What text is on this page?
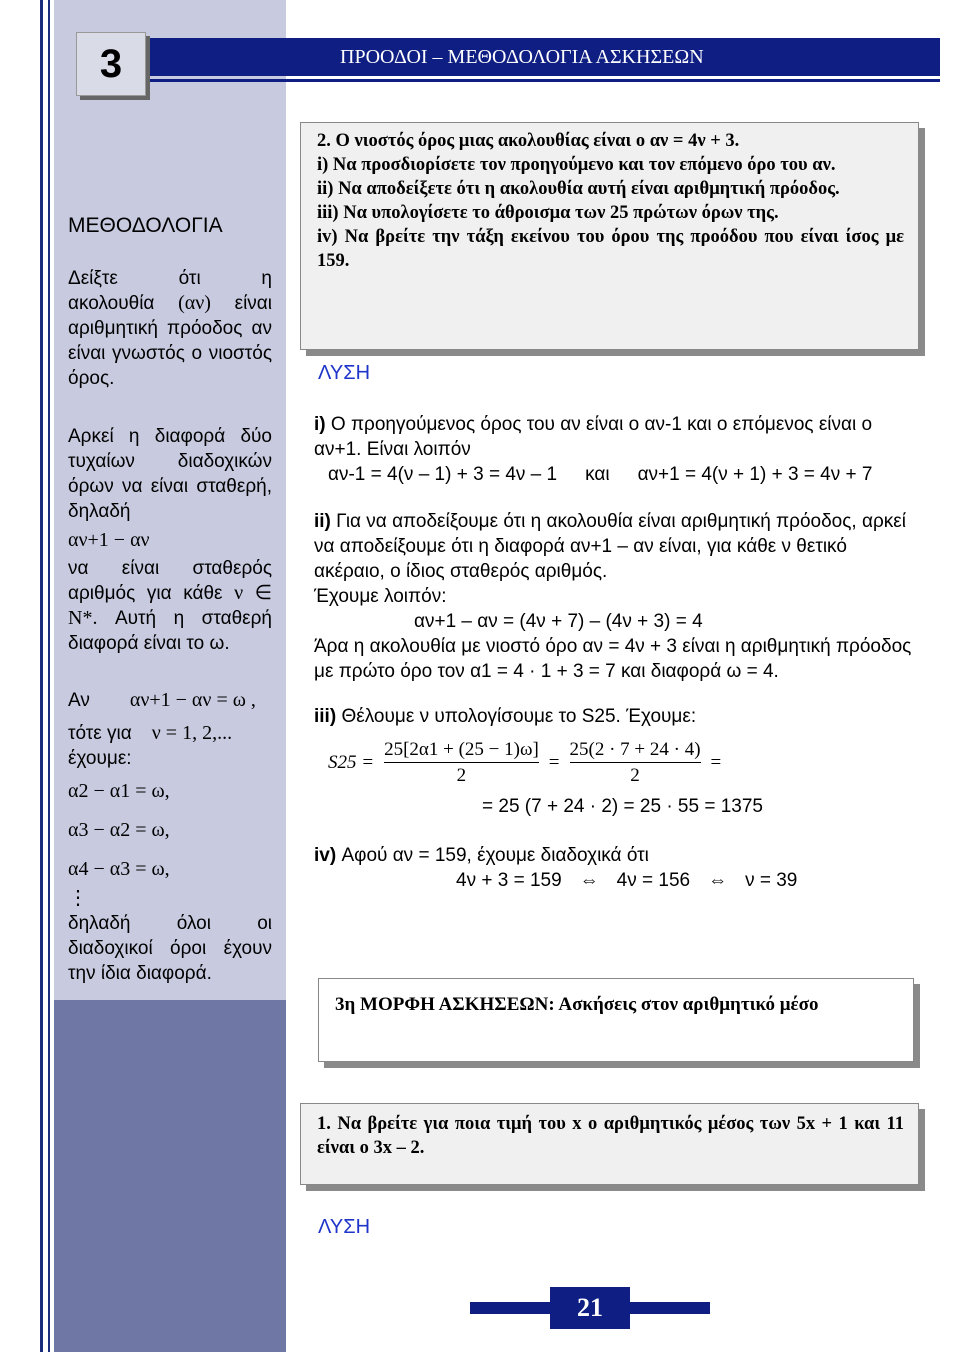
3	ΠΡΟΟΔΟΙ – ΜΕΘΟΔΟΛΟΓΙΑ ΑΣΚΗΣΕΩΝ
ΜΕΘΟΔΟΛΟΓΙΑ
Δείξτε ότι η
ακολουθία (αν) είναι
αριθμητική πρόοδος αν είναι γνωστός ο νιοστός όρος.
Αρκεί η διαφορά δύο τυχαίων διαδοχικών όρων να είναι σταθερή, δηλαδή
αν+1 − αν
να είναι σταθερός αριθμός για κάθε ν ∈ N*. Αυτή η σταθερή διαφορά είναι το ω.
Αν αν+1 − αν = ω ,
τότε για ν = 1, 2,...
έχουμε:
α2 − α1 = ω,
α3 − α2 = ω,
α4 − α3 = ω,
⋮
δηλαδή όλοι οι διαδοχικοί όροι έχουν την ίδια διαφορά.
2. Ο νιοστός όρος μιας ακολουθίας είναι ο αν = 4ν + 3.
i) Να προσδιορίσετε τον προηγούμενο και τον επόμενο όρο του αν.
ii) Να αποδείξετε ότι η ακολουθία αυτή είναι αριθμητική πρόοδος.
iii) Να υπολογίσετε το άθροισμα των 25 πρώτων όρων της.
iv) Να βρείτε την τάξη εκείνου του όρου της προόδου που είναι ίσος με 159.
ΛΥΣΗ
i) Ο προηγούμενος όρος του αν είναι ο αν-1 και ο επόμενος είναι ο αν+1. Είναι λοιπόν
αν-1 = 4(ν – 1) + 3 = 4ν – 1 και αν+1 = 4(ν + 1) + 3 = 4ν + 7
ii) Για να αποδείξουμε ότι η ακολουθία είναι αριθμητική πρόοδος, αρκεί να αποδείξουμε ότι η διαφορά αν+1 – αν είναι, για κάθε ν θετικό ακέραιο, ο ίδιος σταθερός αριθμός.
Έχουμε λοιπόν:
αν+1 – αν = (4ν + 7) – (4ν + 3) = 4
Άρα η ακολουθία με νιοστό όρο αν = 4ν + 3 είναι η αριθμητική πρόοδος με πρώτο όρο τον α1 = 4 · 1 + 3 = 7 και διαφορά ω = 4.
iii) Θέλουμε ν υπολογίσουμε το S25. Έχουμε:
$S25 = \frac{25[2\alpha 1 + (25 - 1)\omega]}{2} = \frac{25(2 \cdot 7 + 24 \cdot 4)}{2}$ =
= 25 (7 + 24 · 2) = 25 · 55 = 1375
iv) Αφού αν = 159, έχουμε διαδοχικά ότι
4ν + 3 = 159 ⇔ 4ν = 156 ⇔ ν = 39
3η ΜΟΡΦΗ ΑΣΚΗΣΕΩΝ: Ασκήσεις στον αριθμητικό μέσο
1. Να βρείτε για ποια τιμή του x ο αριθμητικός μέσος των 5x + 1 και 11 είναι ο 3x – 2.
ΛΥΣΗ
21
